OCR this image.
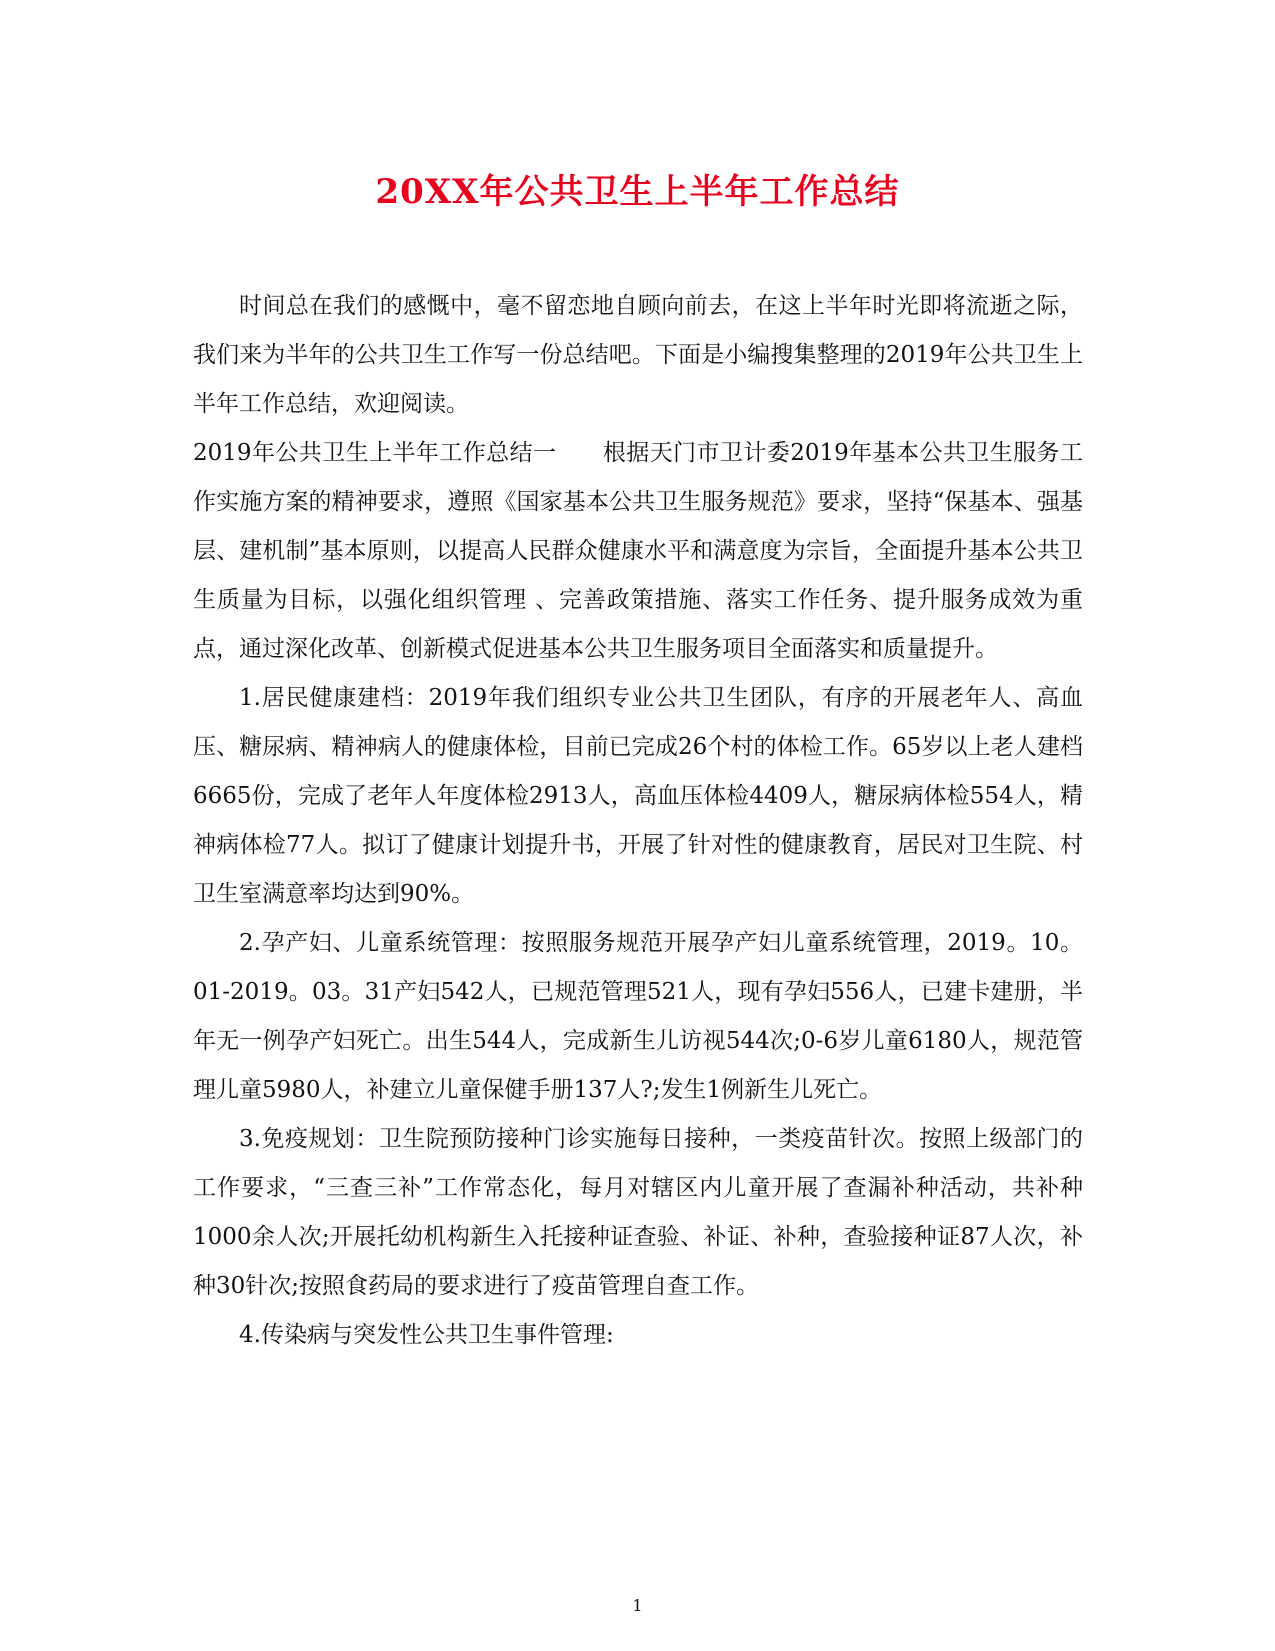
20XX年公共卫生上半年工作总结

时间总在我们的感慨中，毫不留恋地自顾向前去，在这上半年时光即将流逝之际，我们来为半年的公共卫生工作写一份总结吧。下面是小编搜集整理的2019年公共卫生上半年工作总结，欢迎阅读。

2019年公共卫生上半年工作总结一 根据天门市卫计委2019年基本公共卫生服务工作实施方案的精神要求，遵照《国家基本公共卫生服务规范》要求，坚持“保基本、强基层、建机制”基本原则，以提高人民群众健康水平和满意度为宗旨，全面提升基本公共卫生质量为目标，以强化组织管理 、完善政策措施、落实工作任务、提升服务成效为重点，通过深化改革、创新模式促进基本公共卫生服务项目全面落实和质量提升。

1.居民健康建档：2019年我们组织专业公共卫生团队，有序的开展老年人、高血压、糖尿病、精神病人的健康体检，目前已完成26个村的体检工作。65岁以上老人建档6665份，完成了老年人年度体检2913人，高血压体检4409人，糖尿病体检554人，精神病体检77人。拟订了健康计划提升书，开展了针对性的健康教育，居民对卫生院、村卫生室满意率均达到90%。

2.孕产妇、儿童系统管理：按照服务规范开展孕产妇儿童系统管理，2019。10。01-2019。03。31产妇542人，已规范管理521人，现有孕妇556人，已建卡建册，半年无一例孕产妇死亡。出生544人，完成新生儿访视544次;0-6岁儿童6180人，规范管理儿童5980人，补建立儿童保健手册137人?;发生1例新生儿死亡。

3.免疫规划：卫生院预防接种门诊实施每日接种，一类疫苗针次。按照上级部门的工作要求，“三查三补”工作常态化，每月对辖区内儿童开展了查漏补种活动，共补种1000余人次;开展托幼机构新生入托接种证查验、补证、补种，查验接种证87人次，补种30针次;按照食药局的要求进行了疫苗管理自查工作。

4.传染病与突发性公共卫生事件管理:

1
